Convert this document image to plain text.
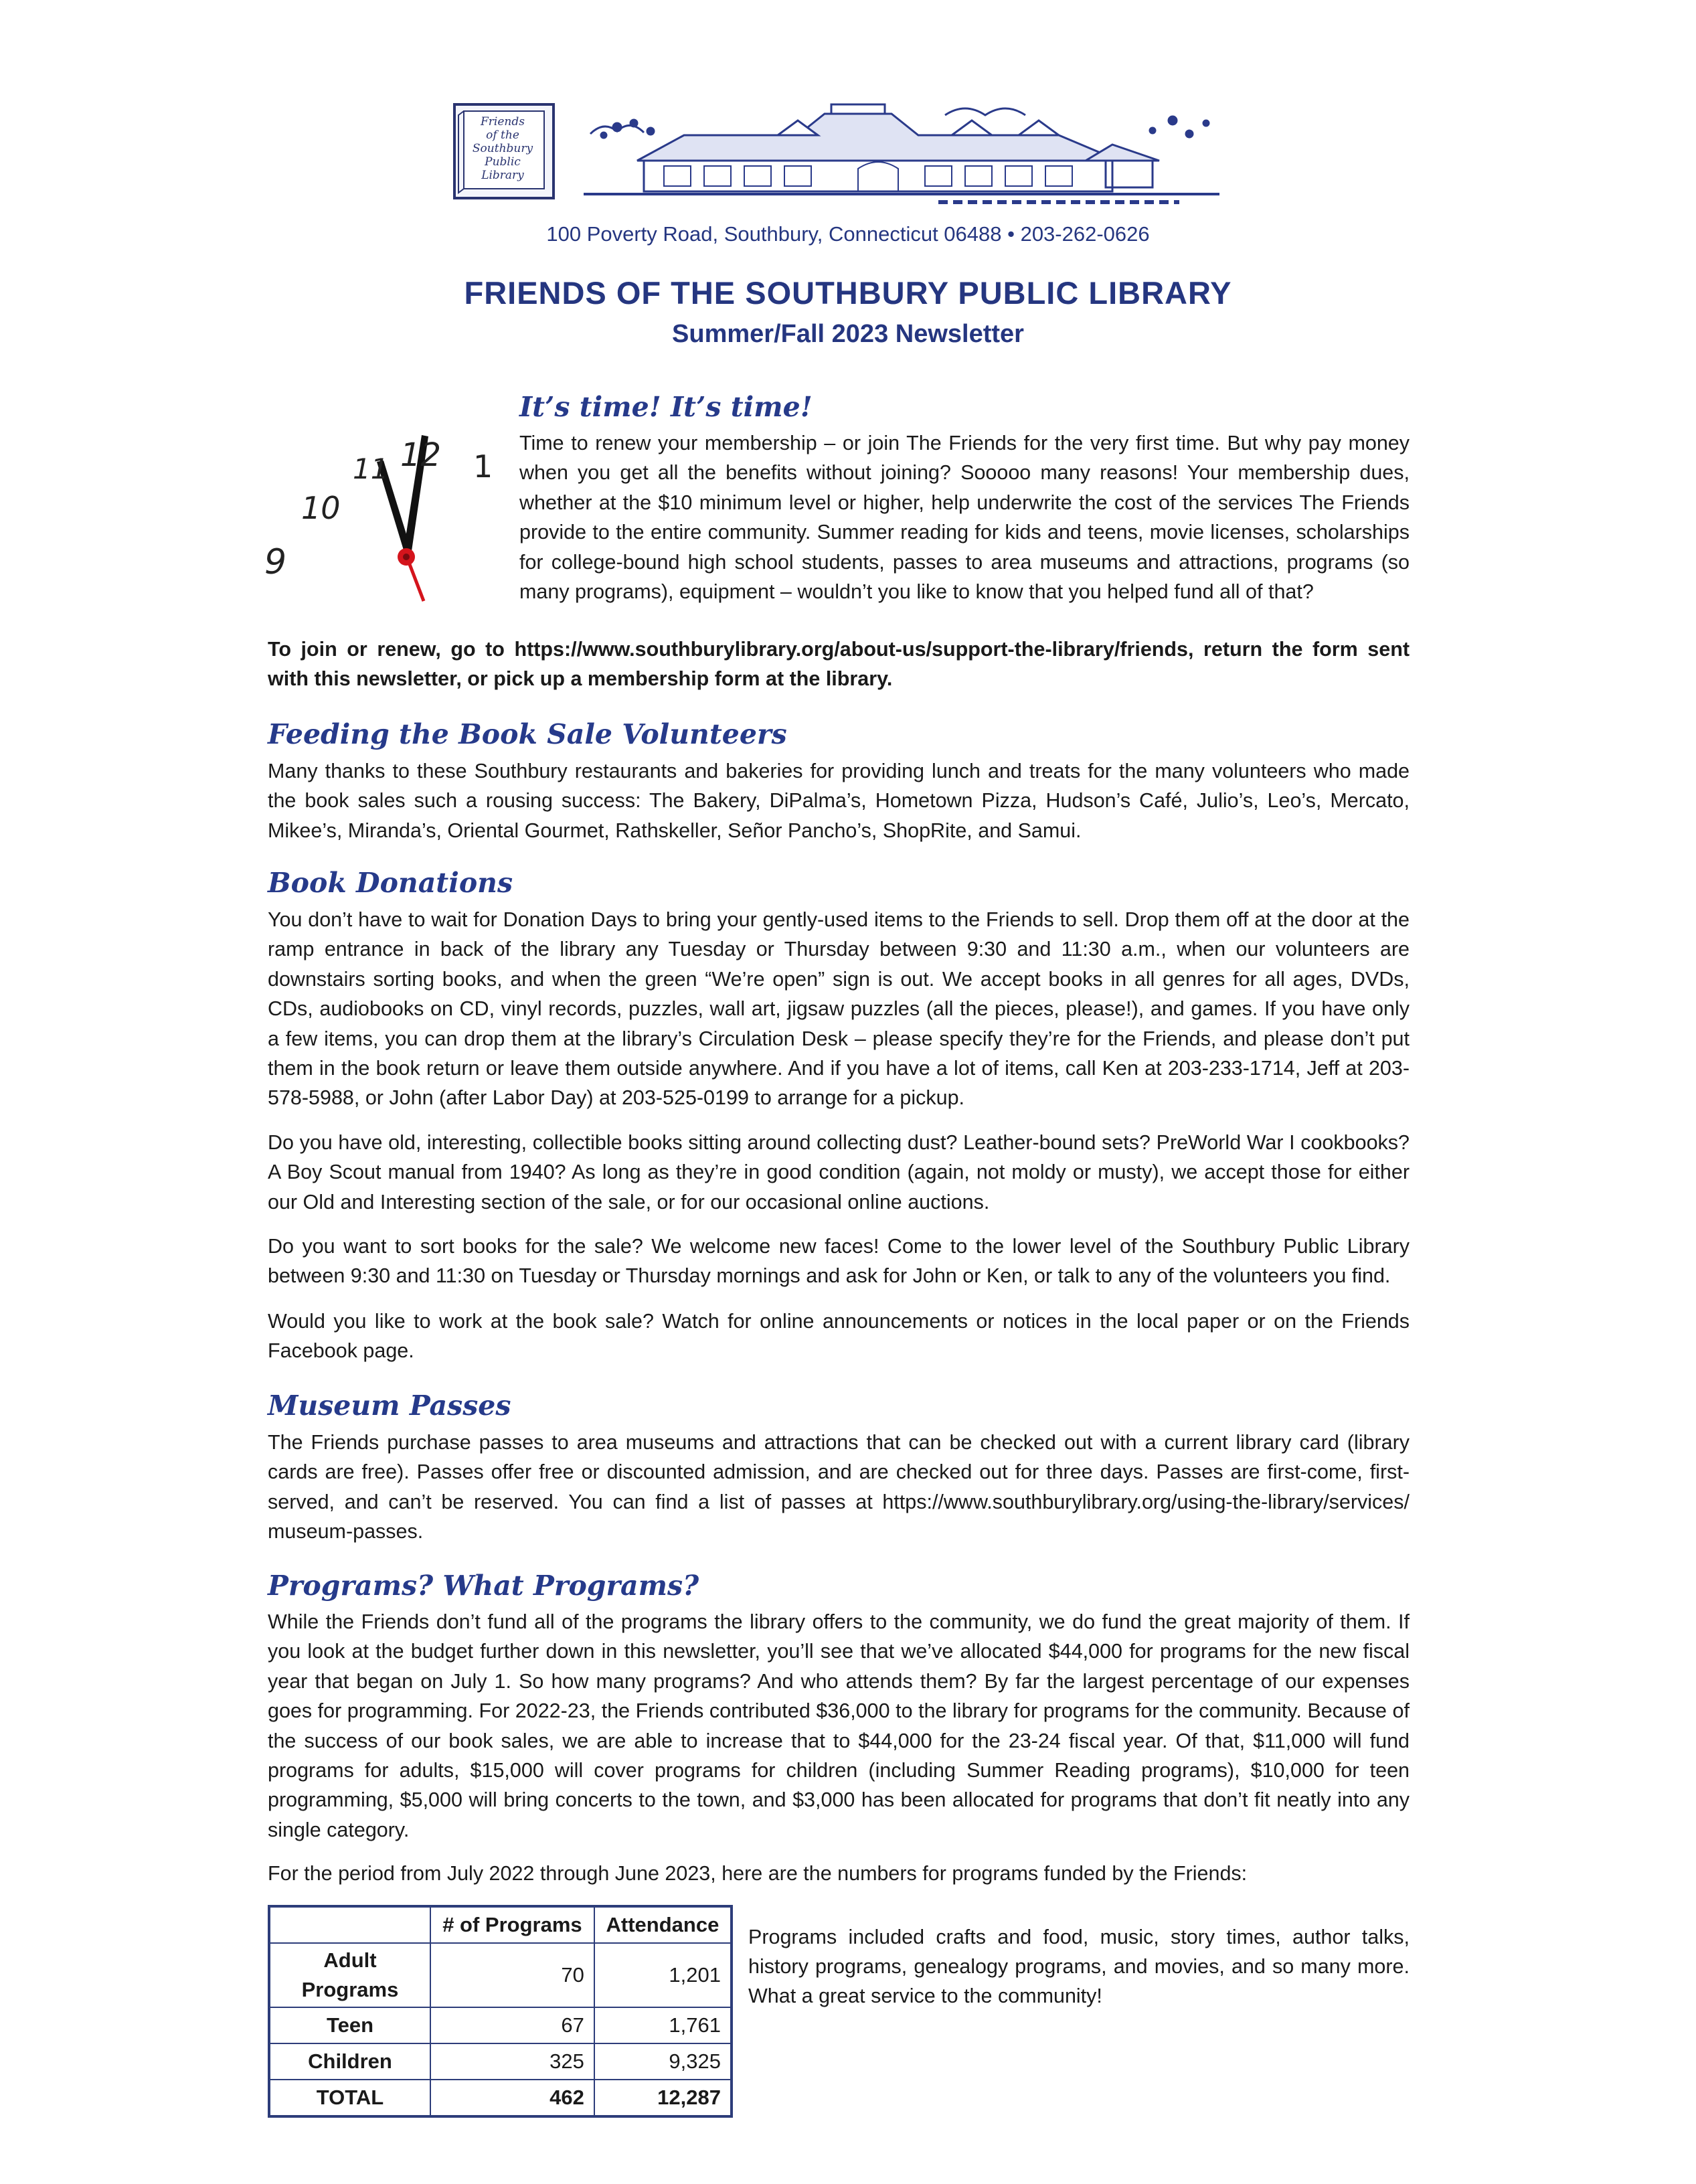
Friends
of the
Southbury
Public Library
100 Poverty Road, Southbury, Connecticut 06488 • 203-262-0626
FRIENDS OF THE SOUTHBURY PUBLIC LIBRARY
Summer/Fall 2023 Newsletter
12 1
11
10
9
It’s time! It’s time!

Time to renew your membership – or join The Friends for the very first time. But why pay money when you get all the benefits without joining? Sooooo many reasons! Your membership dues, whether at the $10 minimum level or higher, help underwrite the cost of the services The Friends provide to the entire community. Summer reading for kids and teens, movie licenses, scholarships for college-bound high school students, passes to area museums and attractions, programs (so many programs), equipment – wouldn’t you like to know that you helped fund all of that?

To join or renew, go to https://www.southburylibrary.org/about-us/support-the-library/friends, return the form sent with this newsletter, or pick up a membership form at the library.

Feeding the Book Sale Volunteers

Many thanks to these Southbury restaurants and bakeries for providing lunch and treats for the many volunteers who made the book sales such a rousing success: The Bakery, DiPalma’s, Hometown Pizza, Hudson’s Café, Julio’s, Leo’s, Mercato, Mikee’s, Miranda’s, Oriental Gourmet, Rathskeller, Señor Pancho’s, ShopRite, and Samui.

Book Donations

You don’t have to wait for Donation Days to bring your gently-used items to the Friends to sell. Drop them off at the door at the ramp entrance in back of the library any Tuesday or Thursday between 9:30 and 11:30 a.m., when our volunteers are downstairs sorting books, and when the green “We’re open” sign is out. We accept books in all genres for all ages, DVDs, CDs, audiobooks on CD, vinyl records, puzzles, wall art, jigsaw puzzles (all the pieces, please!), and games. If you have only a few items, you can drop them at the library’s Circulation Desk – please specify they’re for the Friends, and please don’t put them in the book return or leave them outside anywhere. And if you have a lot of items, call Ken at 203-233-1714, Jeff at 203-578-5988, or John (after Labor Day) at 203-525-0199 to arrange for a pickup.

Do you have old, interesting, collectible books sitting around collecting dust? Leather-bound sets? PreWorld War I cookbooks? A Boy Scout manual from 1940? As long as they’re in good condition (again, not moldy or musty), we accept those for either our Old and Interesting section of the sale, or for our occasional online auctions.

Do you want to sort books for the sale? We welcome new faces! Come to the lower level of the Southbury Public Library between 9:30 and 11:30 on Tuesday or Thursday mornings and ask for John or Ken, or talk to any of the volunteers you find.

Would you like to work at the book sale? Watch for online announcements or notices in the local paper or on the Friends Facebook page.

Museum Passes

The Friends purchase passes to area museums and attractions that can be checked out with a current library card (library cards are free). Passes offer free or discounted admission, and are checked out for three days. Passes are first-come, first-served, and can’t be reserved. You can find a list of passes at https://www.southburylibrary.org/using-the-library/services/ museum-passes.

Programs? What Programs?

While the Friends don’t fund all of the programs the library offers to the community, we do fund the great majority of them. If you look at the budget further down in this newsletter, you’ll see that we’ve allocated $44,000 for programs for the new fiscal year that began on July 1. So how many programs? And who attends them? By far the largest percentage of our expenses goes for programming. For 2022-23, the Friends contributed $36,000 to the library for programs for the community. Because of the success of our book sales, we are able to increase that to $44,000 for the 23-24 fiscal year. Of that, $11,000 will fund programs for adults, $15,000 will cover programs for children (including Summer Reading programs), $10,000 for teen programming, $5,000 will bring concerts to the town, and $3,000 has been allocated for programs that don’t fit neatly into any single category.

For the period from July 2022 through June 2023, here are the numbers for programs funded by the Friends:

	# of Programs	Attendance
Adult Programs	70	1,201
Teen	67	1,761
Children	325	9,325
TOTAL	462	12,287

Programs included crafts and food, music, story times, author talks, history programs, genealogy programs, and movies, and so many more. What a great service to the community!
